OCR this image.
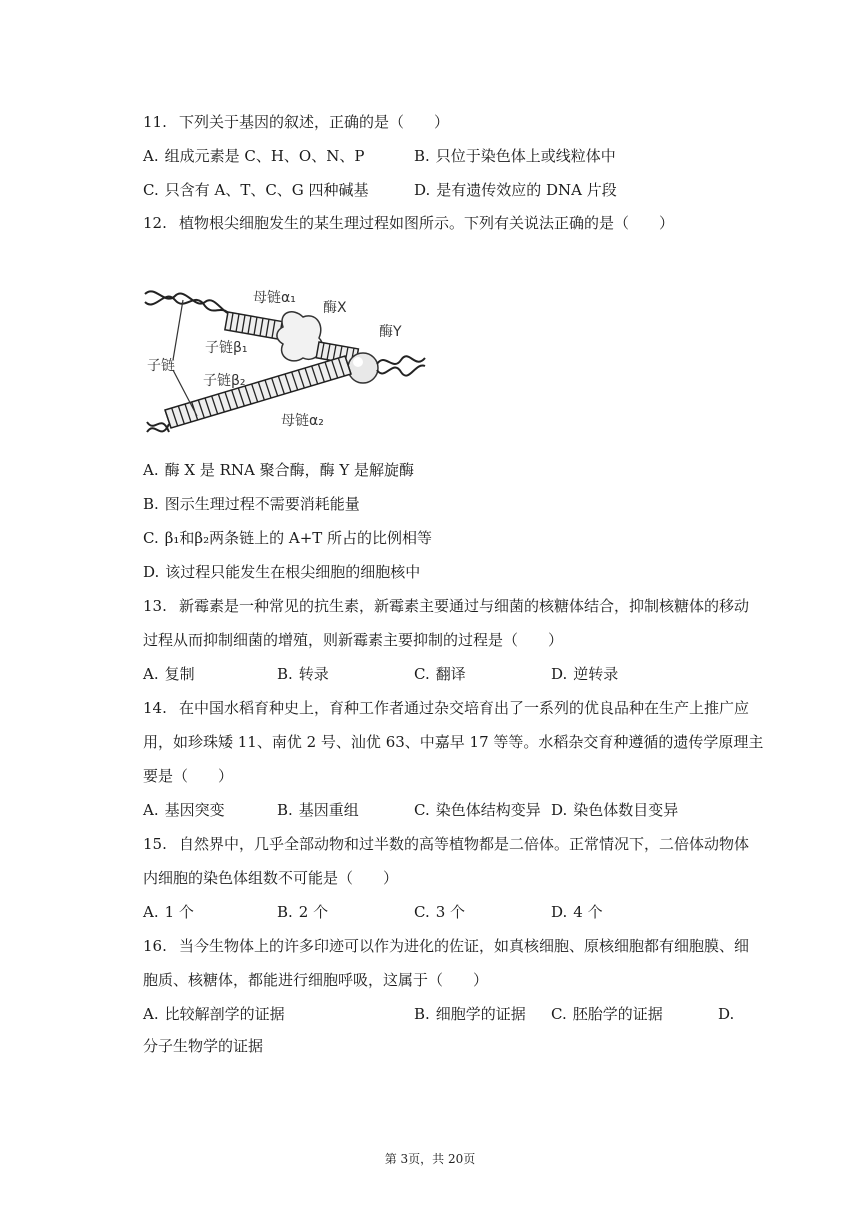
11. 下列关于基因的叙述，正确的是（　　）
A. 组成元素是 C、H、O、N、P	B. 只位于染色体上或线粒体中
C. 只含有 A、T、C、G 四种碱基	D. 是有遗传效应的 DNA 片段
12. 植物根尖细胞发生的某生理过程如图所示。下列有关说法正确的是（　　）
母链α₁
酶X
酶Y
子链
子链β₁
子链β₂
母链α₂
A. 酶 X 是 RNA 聚合酶，酶 Y 是解旋酶
B. 图示生理过程不需要消耗能量
C. β₁和β₂两条链上的 A+T 所占的比例相等
D. 该过程只能发生在根尖细胞的细胞核中
13. 新霉素是一种常见的抗生素，新霉素主要通过与细菌的核糖体结合，抑制核糖体的移动
过程从而抑制细菌的增殖，则新霉素主要抑制的过程是（　　）
A. 复制	B. 转录	C. 翻译	D. 逆转录
14. 在中国水稻育种史上，育种工作者通过杂交培育出了一系列的优良品种在生产上推广应
用，如珍珠矮 11、南优 2 号、汕优 63、中嘉早 17 等等。水稻杂交育种遵循的遗传学原理主
要是（　　）
A. 基因突变	B. 基因重组	C. 染色体结构变异 D. 染色体数目变异
15. 自然界中，几乎全部动物和过半数的高等植物都是二倍体。正常情况下，二倍体动物体
内细胞的染色体组数不可能是（　　）
A. 1 个	B. 2 个	C. 3 个	D. 4 个
16. 当今生物体上的许多印迹可以作为进化的佐证，如真核细胞、原核细胞都有细胞膜、细
胞质、核糖体，都能进行细胞呼吸，这属于（　　）
A. 比较解剖学的证据	B. 细胞学的证据 C. 胚胎学的证据	D.
分子生物学的证据
第 3页，共 20页
